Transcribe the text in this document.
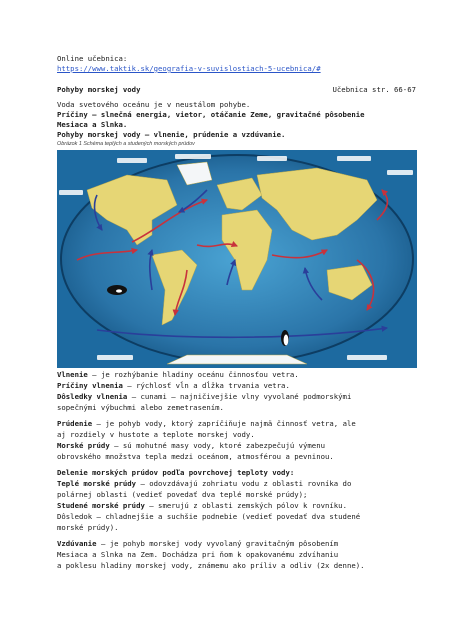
Online učebnica:
https://www.taktik.sk/geografia-v-suvislostiach-5-ucebnica/#
Pohyby morskej vody	Učebnica str. 66-67
Voda svetového oceánu je v neustálom pohybe.
Príčiny – slnečná energia, vietor, otáčanie Zeme, gravitačné pôsobenie
Mesiaca a Slnka.
Pohyby morskej vody – vlnenie, prúdenie a vzdúvanie.
Obrázok 1 Schéma teplých a studených morských prúdov
Vlnenie – je rozhýbanie hladiny oceánu činnosťou vetra.
Príčiny vlnenia – rýchlosť vĺn a dĺžka trvania vetra.
Dôsledky vlnenia – cunami – najničivejšie vlny vyvolané podmorskými
sopečnými výbuchmi alebo zemetrasením.
Prúdenie – je pohyb vody, ktorý zapríčiňuje najmä činnosť vetra, ale
aj rozdiely v hustote a teplote morskej vody.
Morské prúdy – sú mohutné masy vody, ktoré zabezpečujú výmenu
obrovského množstva tepla medzi oceánom, atmosférou a pevninou.
Delenie morských prúdov podľa povrchovej teploty vody:
Teplé morské prúdy – odovzdávajú zohriatu vodu z oblasti rovníka do
polárnej oblasti (vedieť povedať dva teplé morské prúdy);
Studené morské prúdy – smerujú z oblasti zemských pólov k rovníku.
Dôsledok – chladnejšie a suchšie podnebie (vedieť povedať dva studené
morské prúdy).
Vzdúvanie – je pohyb morskej vody vyvolaný gravitačným pôsobením
Mesiaca a Slnka na Zem. Dochádza pri ňom k opakovanému zdvíhaniu
a poklesu hladiny morskej vody, známemu ako príliv a odliv (2x denne).
